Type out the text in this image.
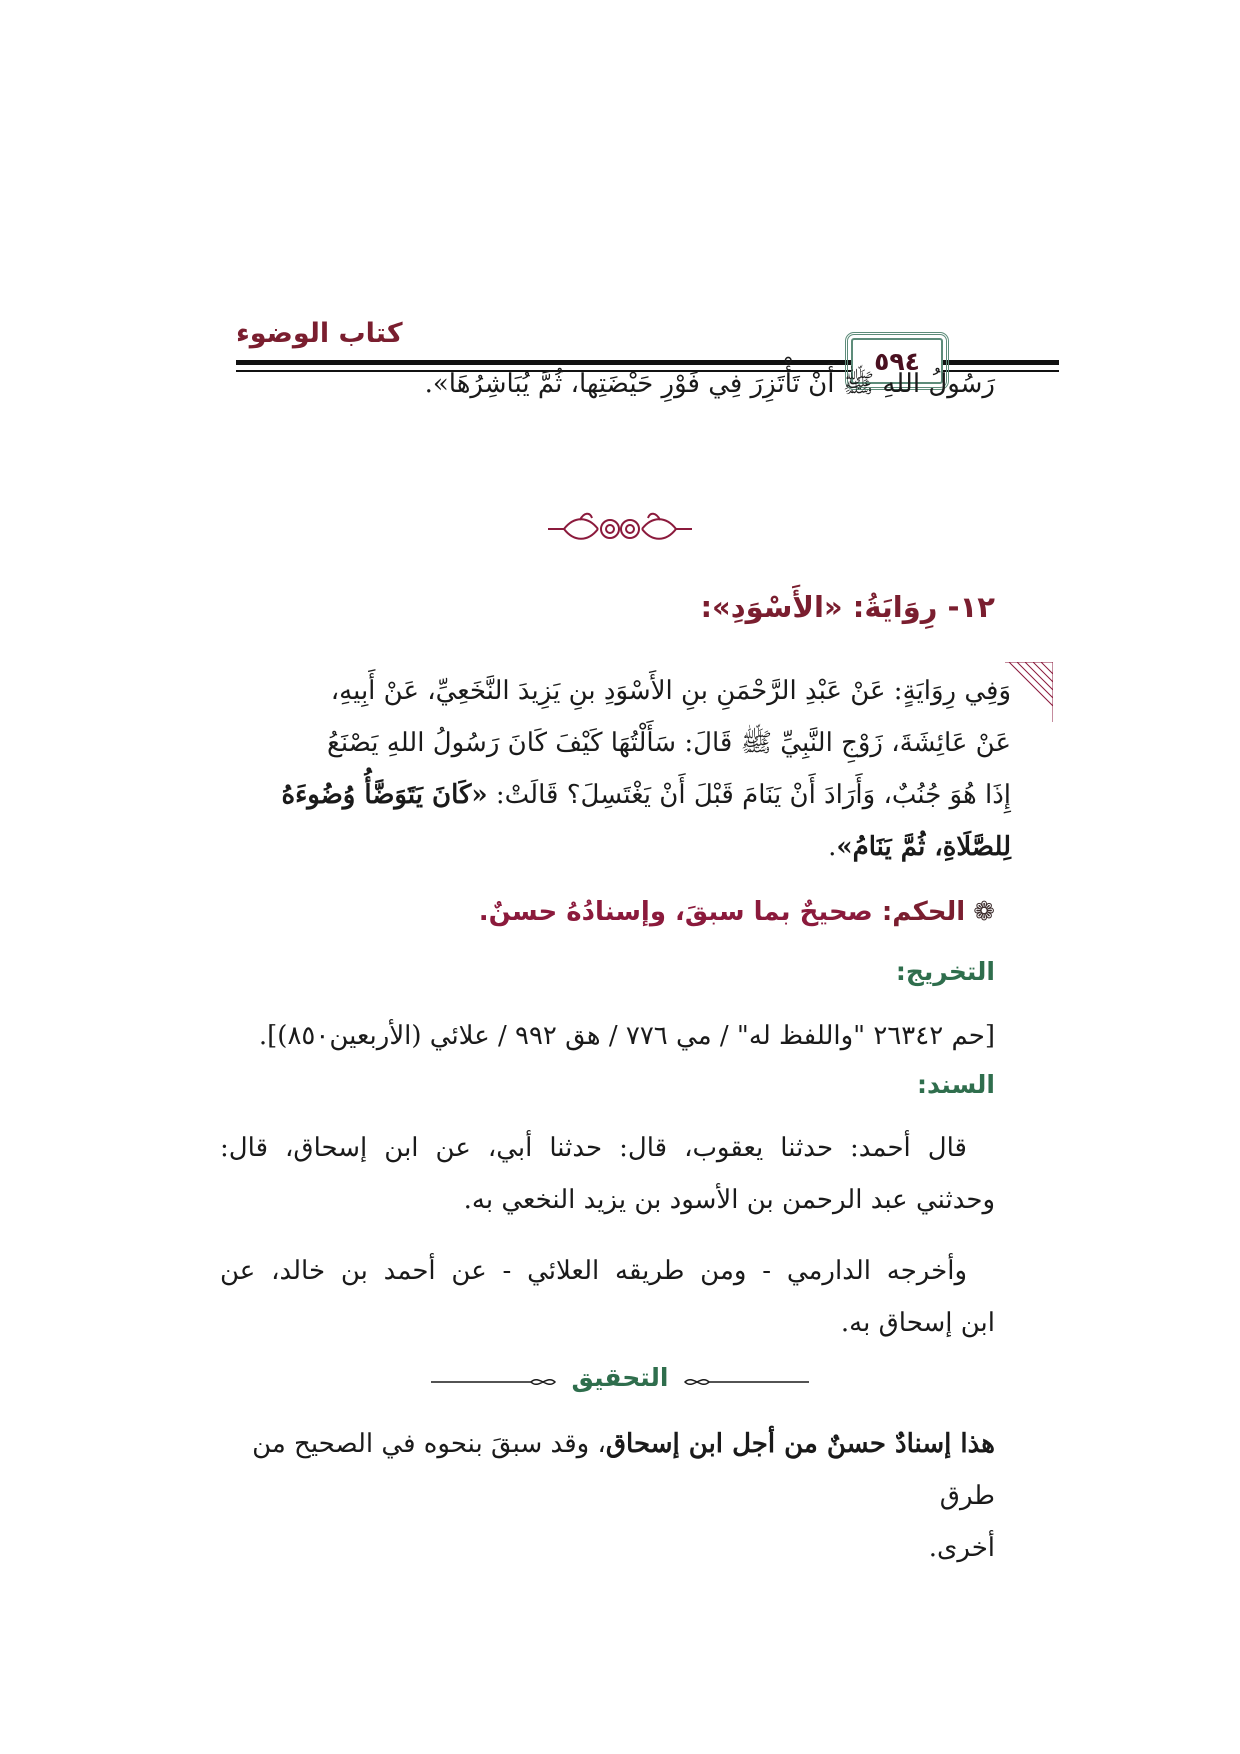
كتاب الوضوء
٥٩٤
رَسُولُ اللهِ ﷺ أَنْ تَأْتَزِرَ فِي فَوْرِ حَيْضَتِها، ثُمَّ يُبَاشِرُهَا».
١٢- رِوَايَةُ: «الأَسْوَدِ»:
وَفِي رِوَايَةٍ: عَنْ عَبْدِ الرَّحْمَنِ بنِ الأَسْوَدِ بنِ يَزِيدَ النَّخَعِيِّ، عَنْ أَبِيهِ،
عَنْ عَائِشَةَ، زَوْجِ النَّبِيِّ ﷺ قَالَ: سَأَلْتُهَا كَيْفَ كَانَ رَسُولُ اللهِ يَصْنَعُ
إِذَا هُوَ جُنُبٌ، وَأَرَادَ أَنْ يَنَامَ قَبْلَ أَنْ يَغْتَسِلَ؟ قَالَتْ: «كَانَ يَتَوَضَّأُ وُضُوءَهُ
لِلصَّلَاةِ، ثُمَّ يَنَامُ».
❁الحكم: صحيحٌ بما سبقَ، وإسنادُهُ حسنٌ.
التخريج:
[حم ٢٦٣٤٢ "واللفظ له" / مي ٧٧٦ / هق ٩٩٢ / علائي (الأربعين٨٥٠)].
السند:
قال أحمد: حدثنا يعقوب، قال: حدثنا أبي، عن ابن إسحاق، قال:
وحدثني عبد الرحمن بن الأسود بن يزيد النخعي به.
وأخرجه الدارمي - ومن طريقه العلائي - عن أحمد بن خالد، عن
ابن إسحاق به.
التحقيق
هذا إسنادٌ حسنٌ من أجل ابن إسحاق، وقد سبقَ بنحوه في الصحيح من طرق
أخرى.
